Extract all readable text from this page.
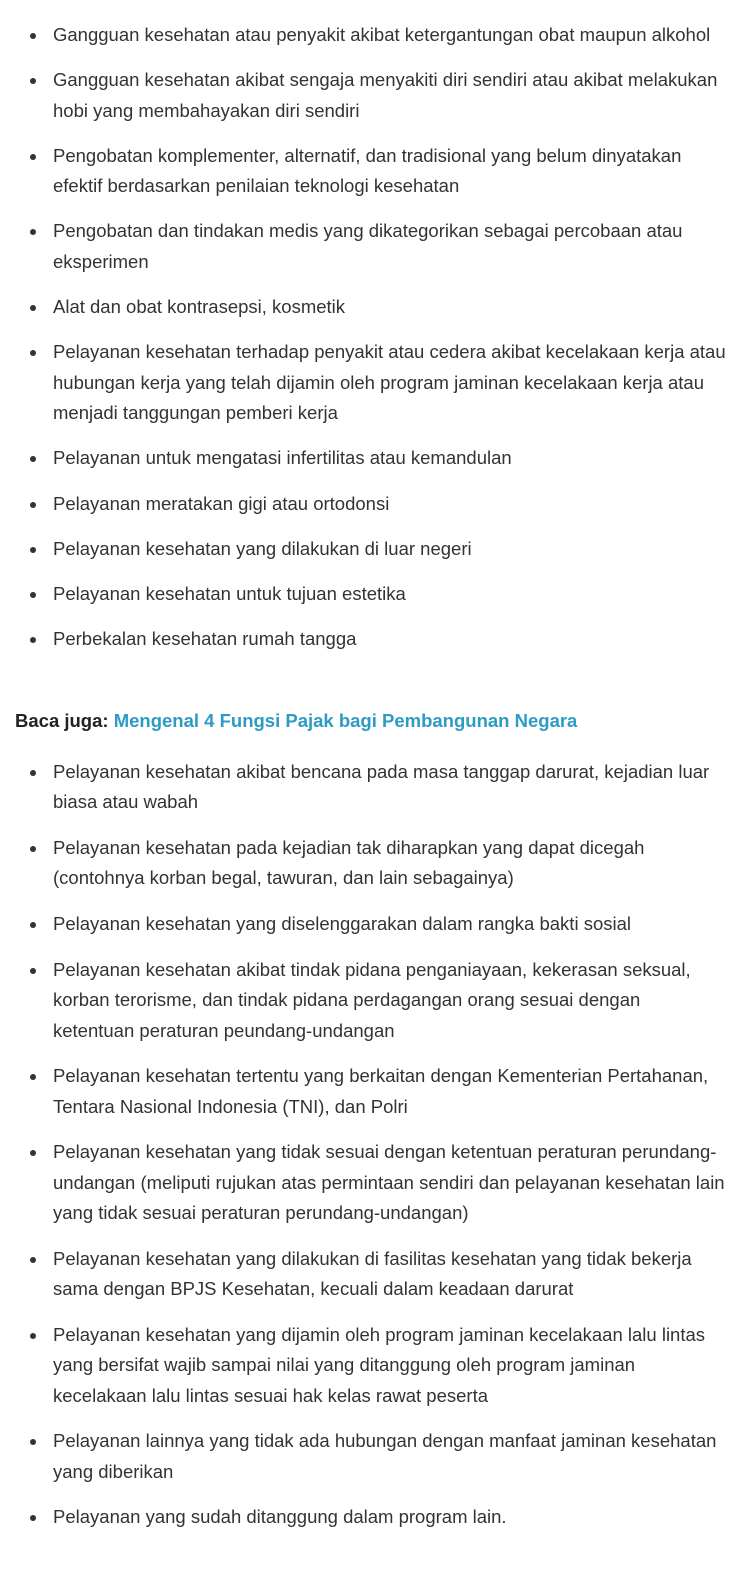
Gangguan kesehatan atau penyakit akibat ketergantungan obat maupun alkohol
Gangguan kesehatan akibat sengaja menyakiti diri sendiri atau akibat melakukan hobi yang membahayakan diri sendiri
Pengobatan komplementer, alternatif, dan tradisional yang belum dinyatakan efektif berdasarkan penilaian teknologi kesehatan
Pengobatan dan tindakan medis yang dikategorikan sebagai percobaan atau eksperimen
Alat dan obat kontrasepsi, kosmetik
Pelayanan kesehatan terhadap penyakit atau cedera akibat kecelakaan kerja atau hubungan kerja yang telah dijamin oleh program jaminan kecelakaan kerja atau menjadi tanggungan pemberi kerja
Pelayanan untuk mengatasi infertilitas atau kemandulan
Pelayanan meratakan gigi atau ortodonsi
Pelayanan kesehatan yang dilakukan di luar negeri
Pelayanan kesehatan untuk tujuan estetika
Perbekalan kesehatan rumah tangga
Baca juga: Mengenal 4 Fungsi Pajak bagi Pembangunan Negara
Pelayanan kesehatan akibat bencana pada masa tanggap darurat, kejadian luar biasa atau wabah
Pelayanan kesehatan pada kejadian tak diharapkan yang dapat dicegah (contohnya korban begal, tawuran, dan lain sebagainya)
Pelayanan kesehatan yang diselenggarakan dalam rangka bakti sosial
Pelayanan kesehatan akibat tindak pidana penganiayaan, kekerasan seksual, korban terorisme, dan tindak pidana perdagangan orang sesuai dengan ketentuan peraturan peundang-undangan
Pelayanan kesehatan tertentu yang berkaitan dengan Kementerian Pertahanan, Tentara Nasional Indonesia (TNI), dan Polri
Pelayanan kesehatan yang tidak sesuai dengan ketentuan peraturan perundang-undangan (meliputi rujukan atas permintaan sendiri dan pelayanan kesehatan lain yang tidak sesuai peraturan perundang-undangan)
Pelayanan kesehatan yang dilakukan di fasilitas kesehatan yang tidak bekerja sama dengan BPJS Kesehatan, kecuali dalam keadaan darurat
Pelayanan kesehatan yang dijamin oleh program jaminan kecelakaan lalu lintas yang bersifat wajib sampai nilai yang ditanggung oleh program jaminan kecelakaan lalu lintas sesuai hak kelas rawat peserta
Pelayanan lainnya yang tidak ada hubungan dengan manfaat jaminan kesehatan yang diberikan
Pelayanan yang sudah ditanggung dalam program lain.
